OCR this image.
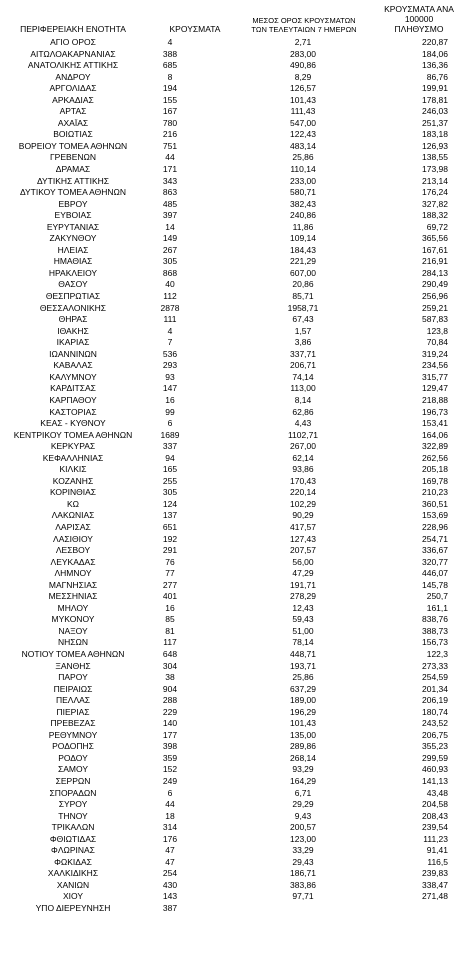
ΠΕΡΙΦΕΡΕΙΑΚΗ ΕΝΟΤΗΤΑ	ΚΡΟΥΣΜΑΤΑ
ΜΕΣΟΣ ΟΡΟΣ ΚΡΟΥΣΜΑΤΩΝ
ΤΩΝ ΤΕΛΕΥΤΑΙΩΝ 7 ΗΜΕΡΩΝ
ΚΡΟΥΣΜΑΤΑ ΑΝΑ 100000
ΠΛΗΘΥΣΜΟ
ΑΓΙΟ ΟΡΟΣ	4	2,71	220,87
ΑΙΤΩΛΟΑΚΑΡΝΑΝΙΑΣ	388	283,00	184,06
ΑΝΑΤΟΛΙΚΗΣ ΑΤΤΙΚΗΣ	685	490,86	136,36
ΑΝΔΡΟΥ	8	8,29	86,76
ΑΡΓΟΛΙΔΑΣ	194	126,57	199,91
ΑΡΚΑΔΙΑΣ	155	101,43	178,81
ΑΡΤΑΣ	167	111,43	246,03
ΑΧΑΪΑΣ	780	547,00	251,37
ΒΟΙΩΤΙΑΣ	216	122,43	183,18
ΒΟΡΕΙΟΥ ΤΟΜΕΑ ΑΘΗΝΩΝ	751	483,14	126,93
ΓΡΕΒΕΝΩΝ	44	25,86	138,55
ΔΡΑΜΑΣ	171	110,14	173,98
ΔΥΤΙΚΗΣ ΑΤΤΙΚΗΣ	343	233,00	213,14
ΔΥΤΙΚΟΥ ΤΟΜΕΑ ΑΘΗΝΩΝ	863	580,71	176,24
ΕΒΡΟΥ	485	382,43	327,82
ΕΥΒΟΙΑΣ	397	240,86	188,32
ΕΥΡΥΤΑΝΙΑΣ	14	11,86	69,72
ΖΑΚΥΝΘΟΥ	149	109,14	365,56
ΗΛΕΙΑΣ	267	184,43	167,61
ΗΜΑΘΙΑΣ	305	221,29	216,91
ΗΡΑΚΛΕΙΟΥ	868	607,00	284,13
ΘΑΣΟΥ	40	20,86	290,49
ΘΕΣΠΡΩΤΙΑΣ	112	85,71	256,96
ΘΕΣΣΑΛΟΝΙΚΗΣ	2878	1958,71	259,21
ΘΗΡΑΣ	111	67,43	587,83
ΙΘΑΚΗΣ	4	1,57	123,8
ΙΚΑΡΙΑΣ	7	3,86	70,84
ΙΩΑΝΝΙΝΩΝ	536	337,71	319,24
ΚΑΒΑΛΑΣ	293	206,71	234,56
ΚΑΛΥΜΝΟΥ	93	74,14	315,77
ΚΑΡΔΙΤΣΑΣ	147	113,00	129,47
ΚΑΡΠΑΘΟΥ	16	8,14	218,88
ΚΑΣΤΟΡΙΑΣ	99	62,86	196,73
ΚΕΑΣ - ΚΥΘΝΟΥ	6	4,43	153,41
ΚΕΝΤΡΙΚΟΥ ΤΟΜΕΑ ΑΘΗΝΩΝ	1689	1102,71	164,06
ΚΕΡΚΥΡΑΣ	337	267,00	322,89
ΚΕΦΑΛΛΗΝΙΑΣ	94	62,14	262,56
ΚΙΛΚΙΣ	165	93,86	205,18
ΚΟΖΑΝΗΣ	255	170,43	169,78
ΚΟΡΙΝΘΙΑΣ	305	220,14	210,23
ΚΩ	124	102,29	360,51
ΛΑΚΩΝΙΑΣ	137	90,29	153,69
ΛΑΡΙΣΑΣ	651	417,57	228,96
ΛΑΣΙΘΙΟΥ	192	127,43	254,71
ΛΕΣΒΟΥ	291	207,57	336,67
ΛΕΥΚΑΔΑΣ	76	56,00	320,77
ΛΗΜΝΟΥ	77	47,29	446,07
ΜΑΓΝΗΣΙΑΣ	277	191,71	145,78
ΜΕΣΣΗΝΙΑΣ	401	278,29	250,7
ΜΗΛΟΥ	16	12,43	161,1
ΜΥΚΟΝΟΥ	85	59,43	838,76
ΝΑΞΟΥ	81	51,00	388,73
ΝΗΣΩΝ	117	78,14	156,73
ΝΟΤΙΟΥ ΤΟΜΕΑ ΑΘΗΝΩΝ	648	448,71	122,3
ΞΑΝΘΗΣ	304	193,71	273,33
ΠΑΡΟΥ	38	25,86	254,59
ΠΕΙΡΑΙΩΣ	904	637,29	201,34
ΠΕΛΛΑΣ	288	189,00	206,19
ΠΙΕΡΙΑΣ	229	196,29	180,74
ΠΡΕΒΕΖΑΣ	140	101,43	243,52
ΡΕΘΥΜΝΟΥ	177	135,00	206,75
ΡΟΔΟΠΗΣ	398	289,86	355,23
ΡΟΔΟΥ	359	268,14	299,59
ΣΑΜΟΥ	152	93,29	460,93
ΣΕΡΡΩΝ	249	164,29	141,13
ΣΠΟΡΑΔΩΝ	6	6,71	43,48
ΣΥΡΟΥ	44	29,29	204,58
ΤΗΝΟΥ	18	9,43	208,43
ΤΡΙΚΑΛΩΝ	314	200,57	239,54
ΦΘΙΩΤΙΔΑΣ	176	123,00	111,23
ΦΛΩΡΙΝΑΣ	47	33,29	91,41
ΦΩΚΙΔΑΣ	47	29,43	116,5
ΧΑΛΚΙΔΙΚΗΣ	254	186,71	239,83
ΧΑΝΙΩΝ	430	383,86	338,47
ΧΙΟΥ	143	97,71	271,48
ΥΠΟ ΔΙΕΡΕΥΝΗΣΗ	387
